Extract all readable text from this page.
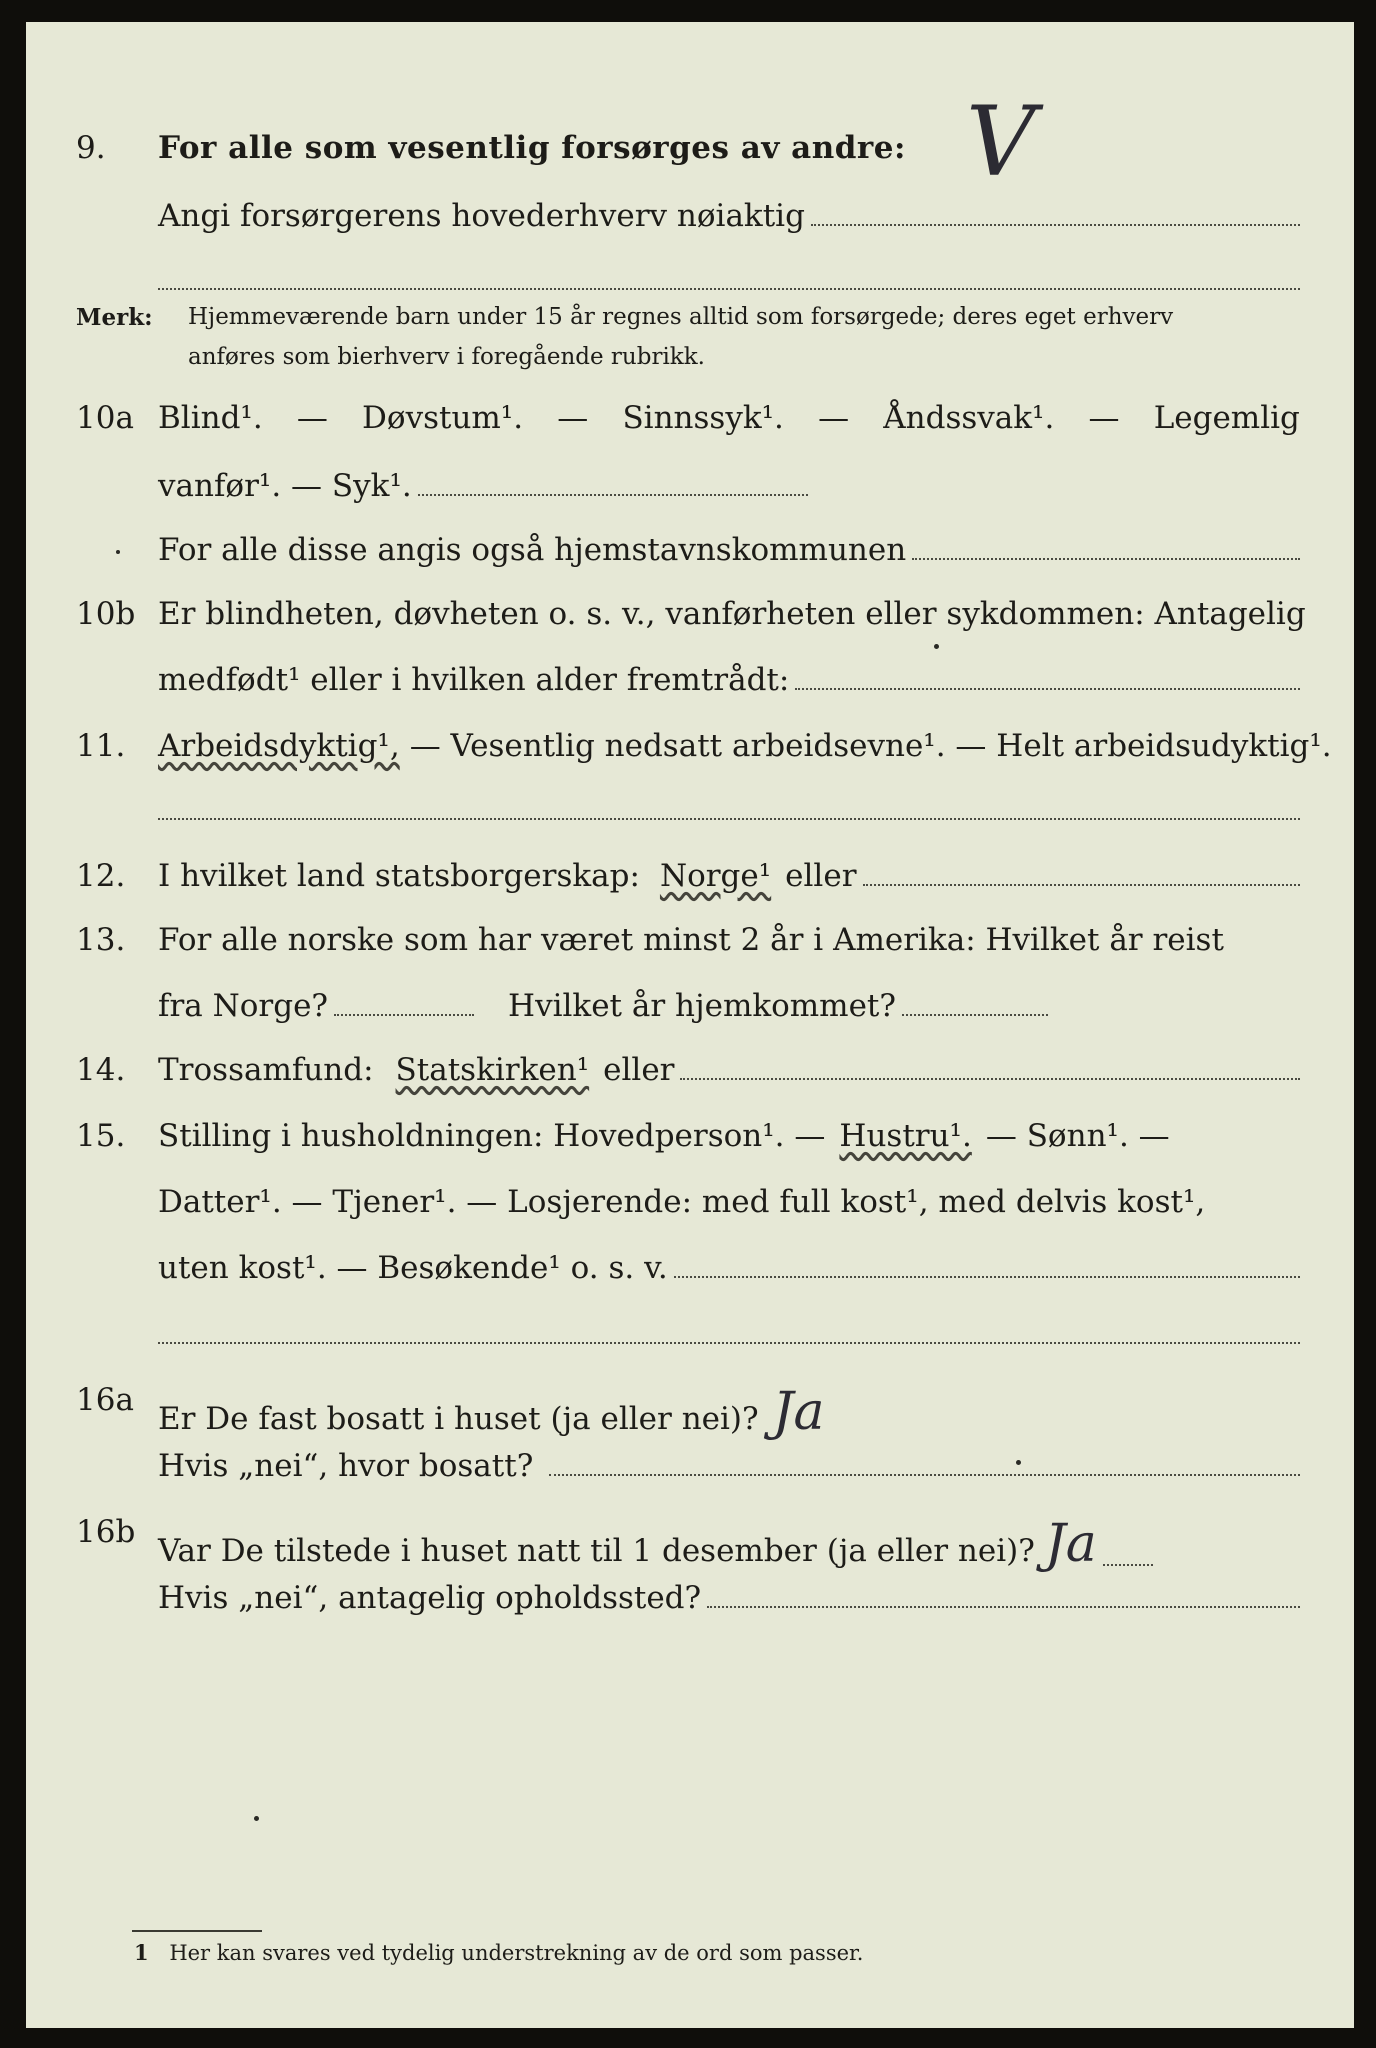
V
9. For alle som vesentlig forsørges av andre:
Angi forsørgerens hovederhverv nøiaktig
Merk: Hjemmeværende barn under 15 år regnes alltid som forsørgede; deres eget erhverv
anføres som bierhverv i foregående rubrikk.
10a Blind¹. — Døvstum¹. — Sinnssyk¹. — Åndssvak¹. — Legemlig
vanfør¹. — Syk¹.
For alle disse angis også hjemstavnskommunen
10b Er blindheten, døvheten o. s. v., vanførheten eller sykdommen: Antagelig
medfødt¹ eller i hvilken alder fremtrådt:
11. Arbeidsdyktig¹, — Vesentlig nedsatt arbeidsevne¹. — Helt arbeidsudyktig¹.
12. I hvilket land statsborgerskap: Norge¹ eller
13. For alle norske som har været minst 2 år i Amerika: Hvilket år reist
fra Norge?	Hvilket år hjemkommet?
14. Trossamfund: Statskirken¹ eller
15. Stilling i husholdningen: Hovedperson¹. — Hustru¹. — Sønn¹. —
Datter¹. — Tjener¹. — Losjerende: med full kost¹, med delvis kost¹,
uten kost¹. — Besøkende¹ o. s. v.
16a
Er De fast bosatt i huset (ja eller nei)? Ja
Hvis „nei“, hvor bosatt?
16b
Var De tilstede i huset natt til 1 desember (ja eller nei)? Ja
Hvis „nei“, antagelig opholdssted?
1 Her kan svares ved tydelig understrekning av de ord som passer.
